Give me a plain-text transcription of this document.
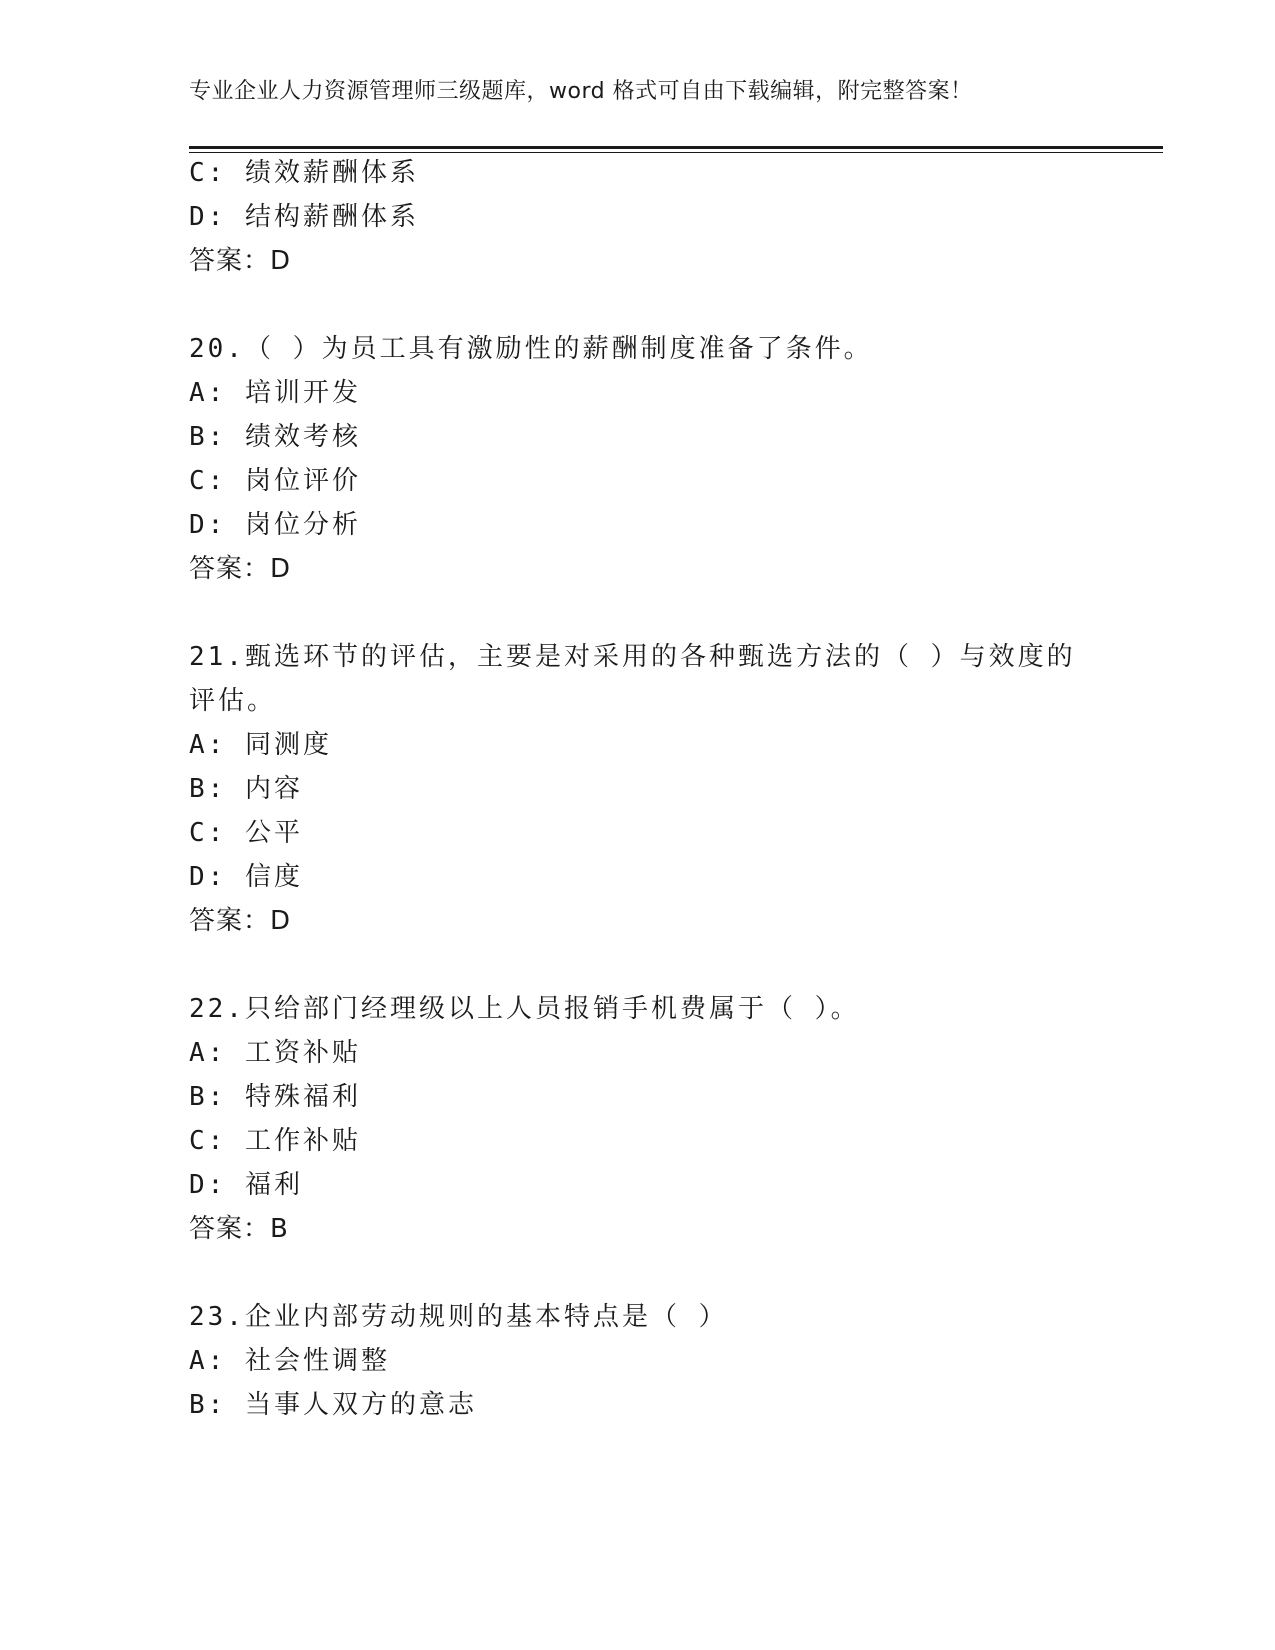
专业企业人力资源管理师三级题库，word 格式可自由下载编辑，附完整答案！
C: 绩效薪酬体系
D: 结构薪酬体系
答案：D
20.（ ）为员工具有激励性的薪酬制度准备了条件。
A: 培训开发
B: 绩效考核
C: 岗位评价
D: 岗位分析
答案：D
21.甄选环节的评估，主要是对采用的各种甄选方法的（ ）与效度的
评估。
A: 同测度
B: 内容
C: 公平
D: 信度
答案：D
22.只给部门经理级以上人员报销手机费属于（ ）。
A: 工资补贴
B: 特殊福利
C: 工作补贴
D: 福利
答案：B
23.企业内部劳动规则的基本特点是（ ）
A: 社会性调整
B: 当事人双方的意志
